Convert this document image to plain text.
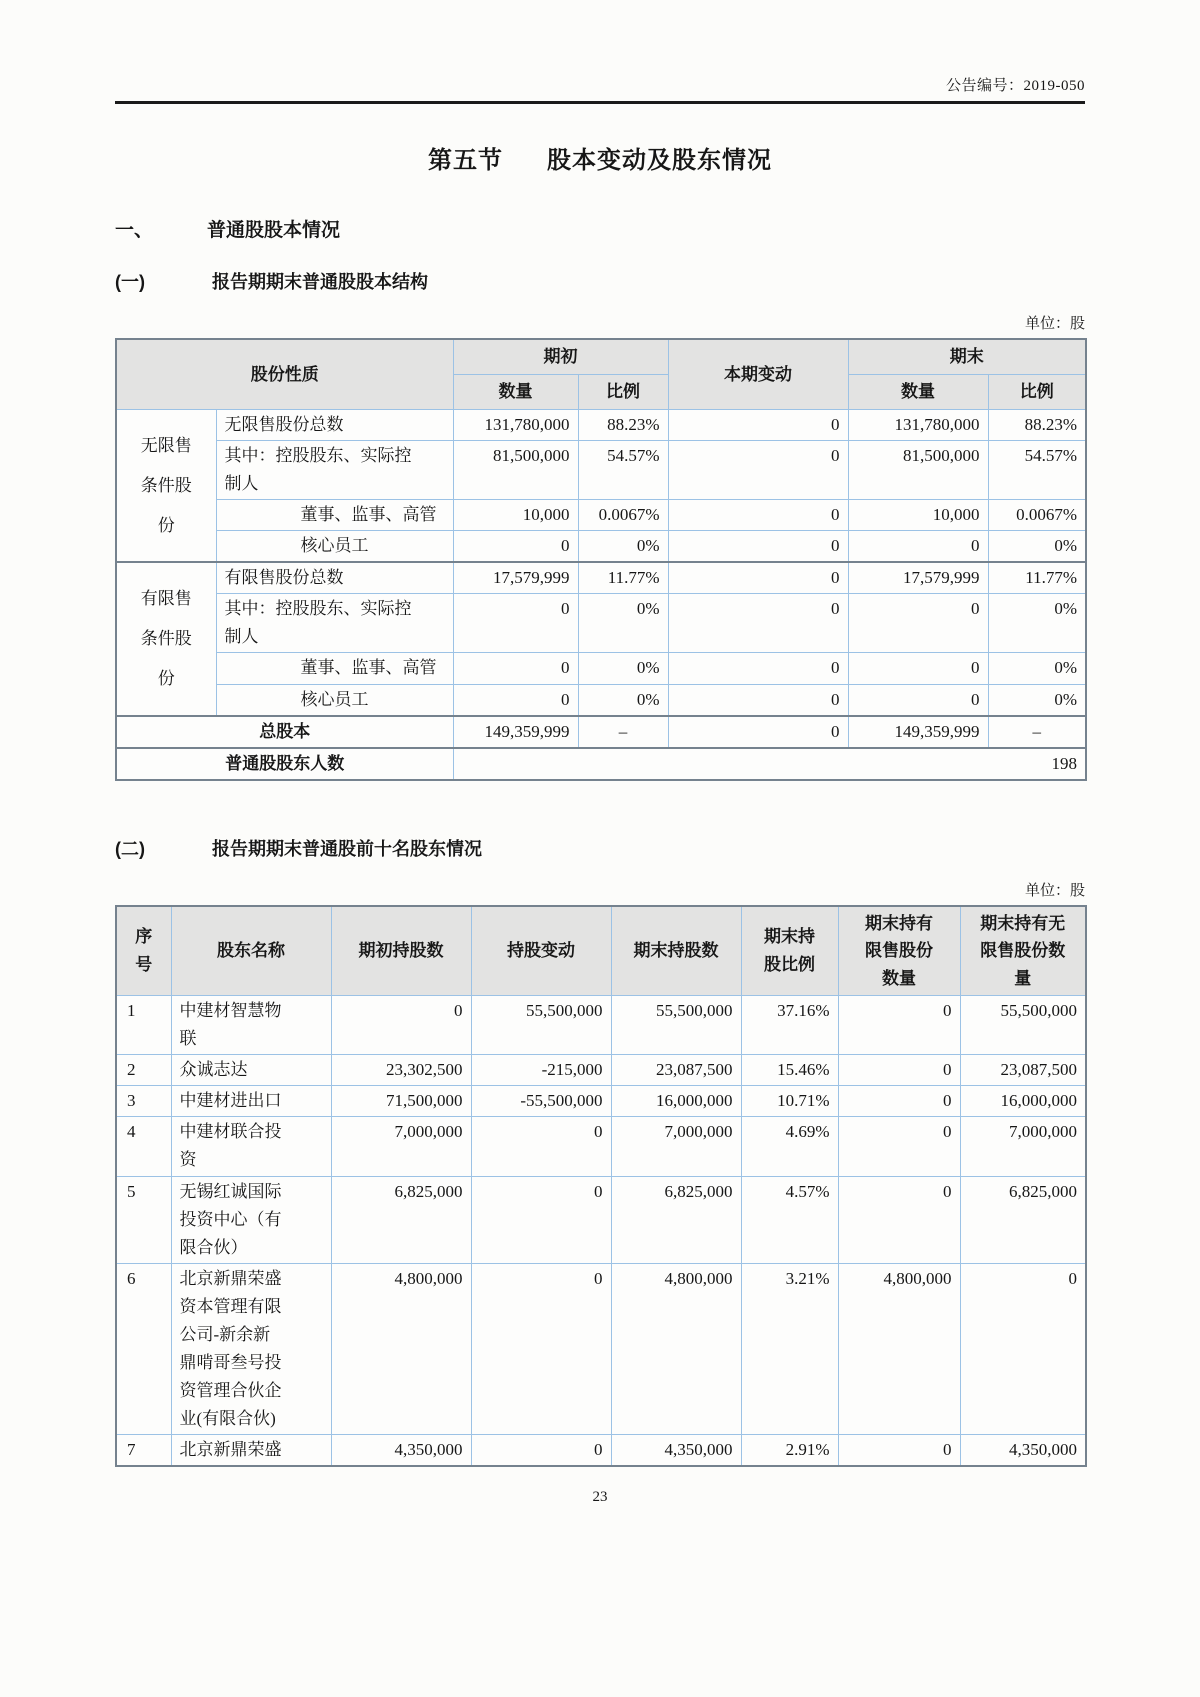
公告编号：2019-050
第五节 股本变动及股东情况
一、	普通股股本情况
(一)	报告期期末普通股股本结构
单位：股
股份性质		期初		本期变动	期末	
		数量	比例		数量	比例
无限售条件股份	无限售股份总数	131,780,000	88.23%	0	131,780,000	88.23%
	其中：控股股东、实际控制人	81,500,000	54.57%	0	81,500,000	54.57%
	董事、监事、高管	10,000	0.0067%	0	10,000	0.0067%
	核心员工	0	0%	0	0	0%
有限售条件股份	有限售股份总数	17,579,999	11.77%	0	17,579,999	11.77%
	其中：控股股东、实际控制人	0	0%	0	0	0%
	董事、监事、高管	0	0%	0	0	0%
	核心员工	0	0%	0	0	0%
总股本		149,359,999	–	0	149,359,999	–
普通股股东人数		198				
(二)	报告期期末普通股前十名股东情况
单位：股
序号	股东名称	期初持股数	持股变动	期末持股数	期末持股比例	期末持有限售股份数量	期末持有无限售股份数量
1	中建材智慧物联	0	55,500,000	55,500,000	37.16%	0	55,500,000
2	众诚志达	23,302,500	-215,000	23,087,500	15.46%	0	23,087,500
3	中建材进出口	71,500,000	-55,500,000	16,000,000	10.71%	0	16,000,000
4	中建材联合投资	7,000,000	0	7,000,000	4.69%	0	7,000,000
5	无锡红诚国际投资中心（有限合伙）	6,825,000	0	6,825,000	4.57%	0	6,825,000
6	北京新鼎荣盛资本管理有限公司-新余新鼎啃哥叁号投资管理合伙企业(有限合伙)	4,800,000	0	4,800,000	3.21%	4,800,000	0
7	北京新鼎荣盛	4,350,000	0	4,350,000	2.91%	0	4,350,000
23
